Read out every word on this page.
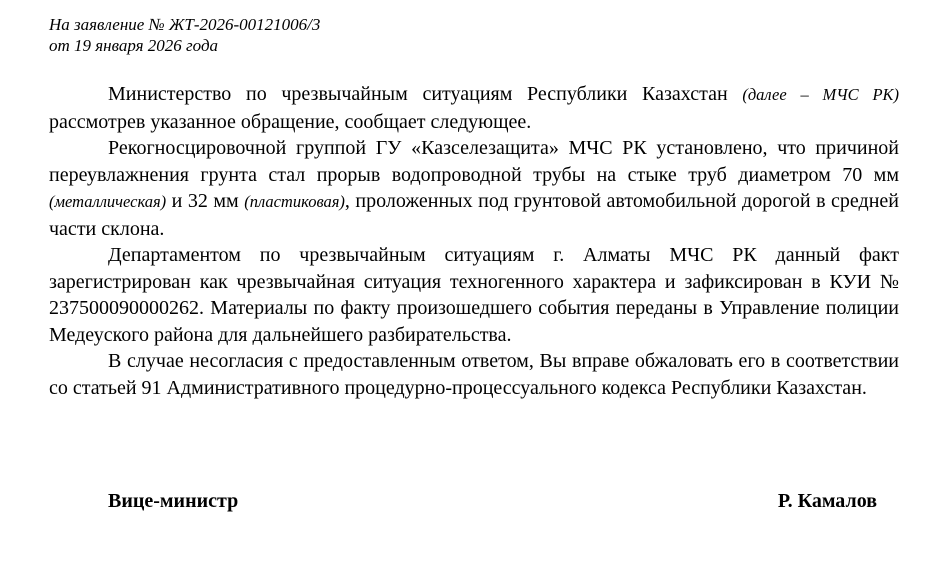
На заявление № ЖТ-2026-00121006/3
от 19 января 2026 года

Министерство по чрезвычайным ситуациям Республики Казахстан (далее – МЧС РК) рассмотрев указанное обращение, сообщает следующее.

Рекогносцировочной группой ГУ «Казселезащита» МЧС РК установлено, что причиной переувлажнения грунта стал прорыв водопроводной трубы на стыке труб диаметром 70 мм (металлическая) и 32 мм (пластиковая), проложенных под грунтовой автомобильной дорогой в средней части склона.

Департаментом по чрезвычайным ситуациям г. Алматы МЧС РК данный факт зарегистрирован как чрезвычайная ситуация техногенного характера и зафиксирован в КУИ № 237500090000262. Материалы по факту произошедшего события переданы в Управление полиции Медеуского района для дальнейшего разбирательства.

В случае несогласия с предоставленным ответом, Вы вправе обжаловать его в соответствии со статьей 91 Административного процедурно-процессуального кодекса Республики Казахстан.

Вице-министр	Р. Камалов
